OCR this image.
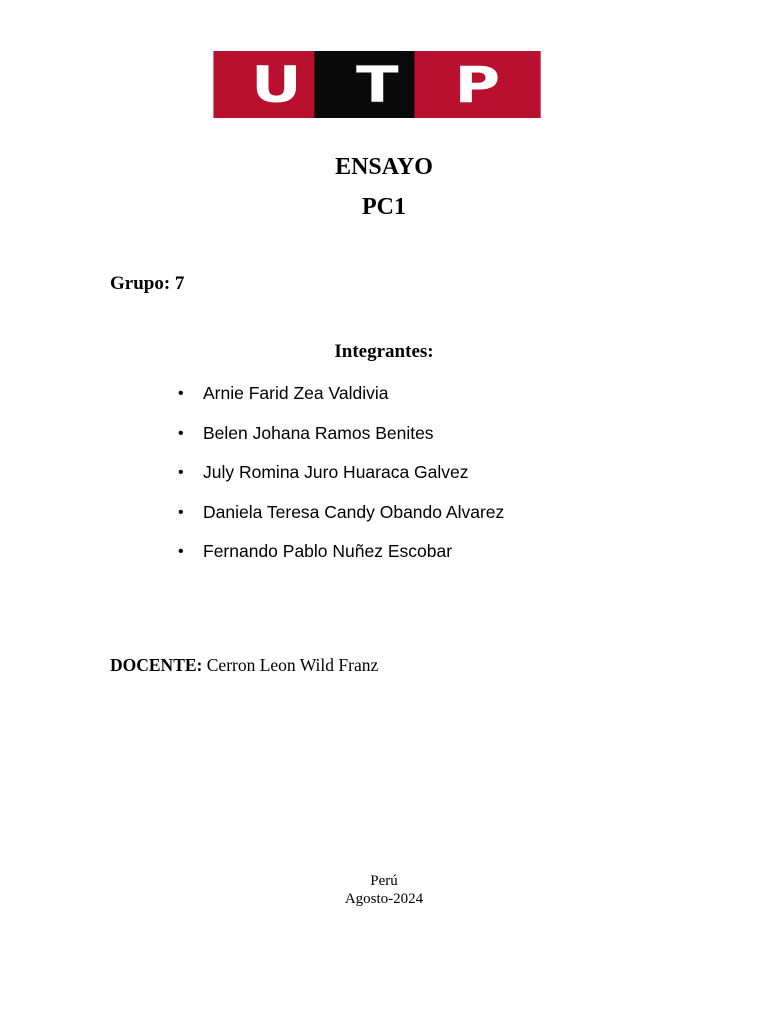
U T P
ENSAYO
PC1
Grupo: 7
Integrantes:
•	Arnie Farid Zea Valdivia
•	Belen Johana Ramos Benites
•	July Romina Juro Huaraca Galvez
•	Daniela Teresa Candy Obando Alvarez
•	Fernando Pablo Nuñez Escobar
DOCENTE: Cerron Leon Wild Franz
Perú
Agosto-2024
